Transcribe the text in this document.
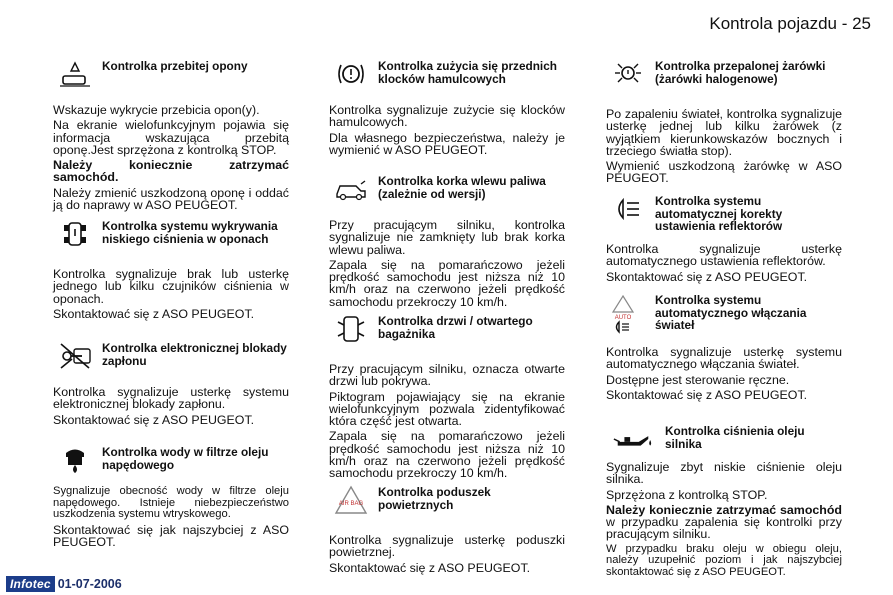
Kontrola pojazdu - 25
Kontrolka przebitej opony

Wskazuje wykrycie przebicia opon(y).

Na ekranie wielofunkcyjnym pojawia się informacja wskazująca przebitą oponę.Jest sprzężona z kontrolką STOP.

Należy koniecznie zatrzymać samochód.

Należy zmienić uszkodzoną oponę i oddać ją do naprawy w ASO PEUGEOT.

Kontrolka systemu wykrywania niskiego ciśnienia w oponach

Kontrolka sygnalizuje brak lub usterkę jednego lub kilku czujników ciśnienia w oponach.

Skontaktować się z ASO PEUGEOT.

Kontrolka elektronicznej blokady zapłonu

Kontrolka sygnalizuje usterkę systemu elektronicznej blokady zapłonu.

Skontaktować się z ASO PEUGEOT.

Kontrolka wody w filtrze oleju napędowego

Sygnalizuje obecność wody w filtrze oleju napędowego. Istnieje niebezpieczeństwo uszkodzenia systemu wtryskowego.

Skontaktować się jak najszybciej z ASO PEUGEOT.

Kontrolka zużycia się przednich klocków hamulcowych

Kontrolka sygnalizuje zużycie się klocków hamulcowych.

Dla własnego bezpieczeństwa, należy je wymienić w ASO PEUGEOT.

Kontrolka korka wlewu paliwa (zależnie od wersji)

Przy pracującym silniku, kontrolka sygnalizuje nie zamknięty lub brak korka wlewu paliwa.

Zapala się na pomarańczowo jeżeli prędkość samochodu jest niższa niż 10 km/h oraz na czerwono jeżeli prędkość samochodu przekroczy 10 km/h.

Kontrolka drzwi / otwartego bagażnika

Przy pracującym silniku, oznacza otwarte drzwi lub pokrywa.

Piktogram pojawiający się na ekranie wielofunkcyjnym pozwala zidentyfikować która część jest otwarta.

Zapala się na pomarańczowo jeżeli prędkość samochodu jest niższa niż 10 km/h oraz na czerwono jeżeli prędkość samochodu przekroczy 10 km/h.

AIR BAG
Kontrolka poduszek powietrznych

Kontrolka sygnalizuje usterkę poduszki powietrznej.

Skontaktować się z ASO PEUGEOT.

Kontrolka przepalonej żarówki (żarówki halogenowe)

Po zapaleniu świateł, kontrolka sygnalizuje usterkę jednej lub kilku żarówek (z wyjątkiem kierunkowskazów bocznych i trzeciego światła stop).

Wymienić uszkodzoną żarówkę w ASO PEUGEOT.

Kontrolka systemu automatycznej korekty ustawienia reflektorów

Kontrolka sygnalizuje usterkę automatycznego ustawienia reflektorów.

Skontaktować się z ASO PEUGEOT.

AUTO
Kontrolka systemu automatycznego włączania świateł

Kontrolka sygnalizuje usterkę systemu automatycznego włączania świateł.

Dostępne jest sterowanie ręczne.

Skontaktować się z ASO PEUGEOT.

Kontrolka ciśnienia oleju silnika

Sygnalizuje zbyt niskie ciśnienie oleju silnika.

Sprzężona z kontrolką STOP.

Należy koniecznie zatrzymać samochód w przypadku zapalenia się kontrolki przy pracującym silniku.

W przypadku braku oleju w obiegu oleju, należy uzupełnić poziom i jak najszybciej skontaktować się z ASO PEUGEOT.

Infotec 01-07-2006
